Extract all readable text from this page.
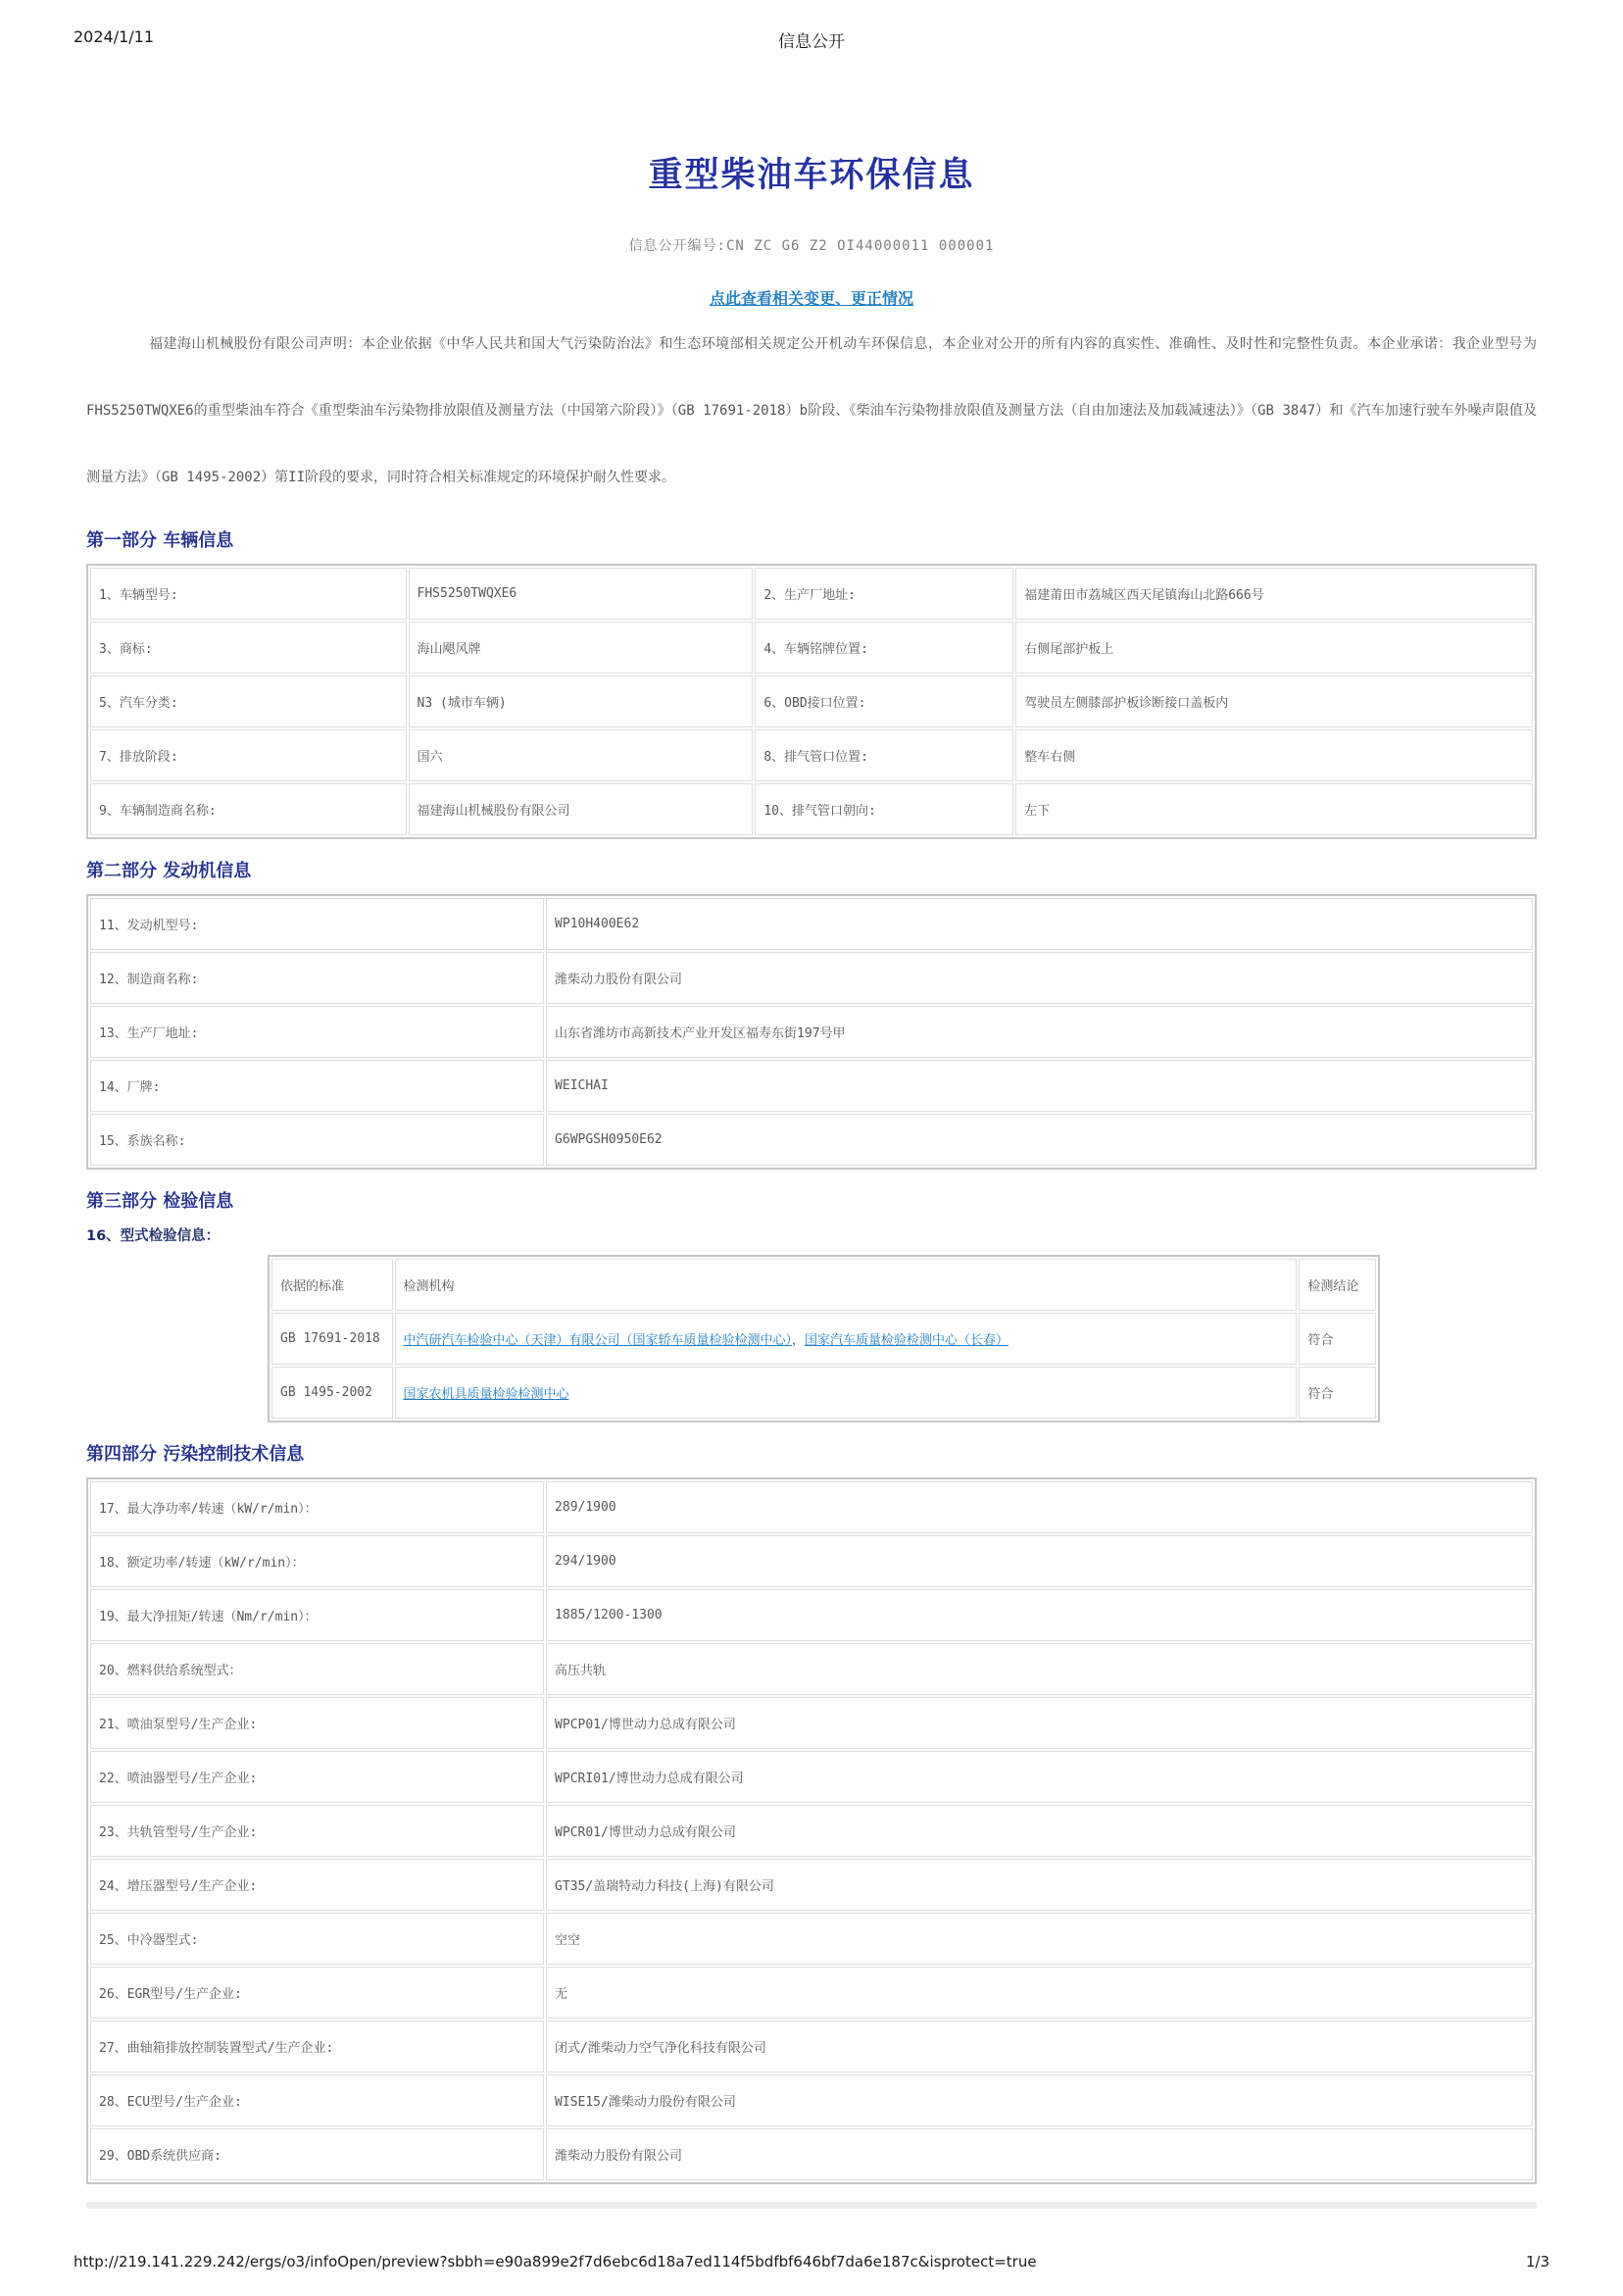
2024/1/11	信息公开
重型柴油车环保信息
信息公开编号:CN ZC G6 Z2 OI44000011 000001
点此查看相关变更、更正情况

福建海山机械股份有限公司声明：本企业依据《中华人民共和国大气污染防治法》和生态环境部相关规定公开机动车环保信息，本企业对公开的所有内容的真实性、准确性、及时性和完整性负责。本企业承诺：我企业型号为FHS5250TWQXE6的重型柴油车符合《重型柴油车污染物排放限值及测量方法（中国第六阶段）》（GB 17691-2018）b阶段、《柴油车污染物排放限值及测量方法（自由加速法及加载减速法）》（GB 3847）和《汽车加速行驶车外噪声限值及测量方法》（GB 1495-2002）第II阶段的要求，同时符合相关标准规定的环境保护耐久性要求。

第一部分 车辆信息
1、车辆型号:	FHS5250TWQXE6	2、生产厂地址:	福建莆田市荔城区西天尾镇海山北路666号
3、商标:	海山飓风牌	4、车辆铭牌位置:	右侧尾部护板上
5、汽车分类:	N3 (城市车辆)	6、OBD接口位置:	驾驶员左侧膝部护板诊断接口盖板内
7、排放阶段:	国六	8、排气管口位置:	整车右侧
9、车辆制造商名称:	福建海山机械股份有限公司	10、排气管口朝向:	左下
第二部分 发动机信息
11、发动机型号:	WP10H400E62
12、制造商名称:	潍柴动力股份有限公司
13、生产厂地址:	山东省潍坊市高新技术产业开发区福寿东街197号甲
14、厂牌:	WEICHAI
15、系族名称:	G6WPGSH0950E62
第三部分 检验信息
16、型式检验信息：
依据的标准	检测机构	检测结论
GB 17691-2018	中汽研汽车检验中心（天津）有限公司（国家轿车质量检验检测中心），国家汽车质量检验检测中心（长春）	符合
GB 1495-2002	国家农机具质量检验检测中心	符合
第四部分 污染控制技术信息
17、最大净功率/转速（kW/r/min）：	289/1900
18、额定功率/转速（kW/r/min）：	294/1900
19、最大净扭矩/转速（Nm/r/min）：	1885/1200-1300
20、燃料供给系统型式：	高压共轨
21、喷油泵型号/生产企业:	WPCP01/博世动力总成有限公司
22、喷油器型号/生产企业:	WPCRI01/博世动力总成有限公司
23、共轨管型号/生产企业:	WPCR01/博世动力总成有限公司
24、增压器型号/生产企业:	GT35/盖瑞特动力科技(上海)有限公司
25、中冷器型式:	空空
26、EGR型号/生产企业:	无
27、曲轴箱排放控制装置型式/生产企业:	闭式/潍柴动力空气净化科技有限公司
28、ECU型号/生产企业:	WISE15/潍柴动力股份有限公司
29、OBD系统供应商:	潍柴动力股份有限公司
http://219.141.229.242/ergs/o3/infoOpen/preview?sbbh=e90a899e2f7d6ebc6d18a7ed114f5bdfbf646bf7da6e187c&isprotect=true	1/3
